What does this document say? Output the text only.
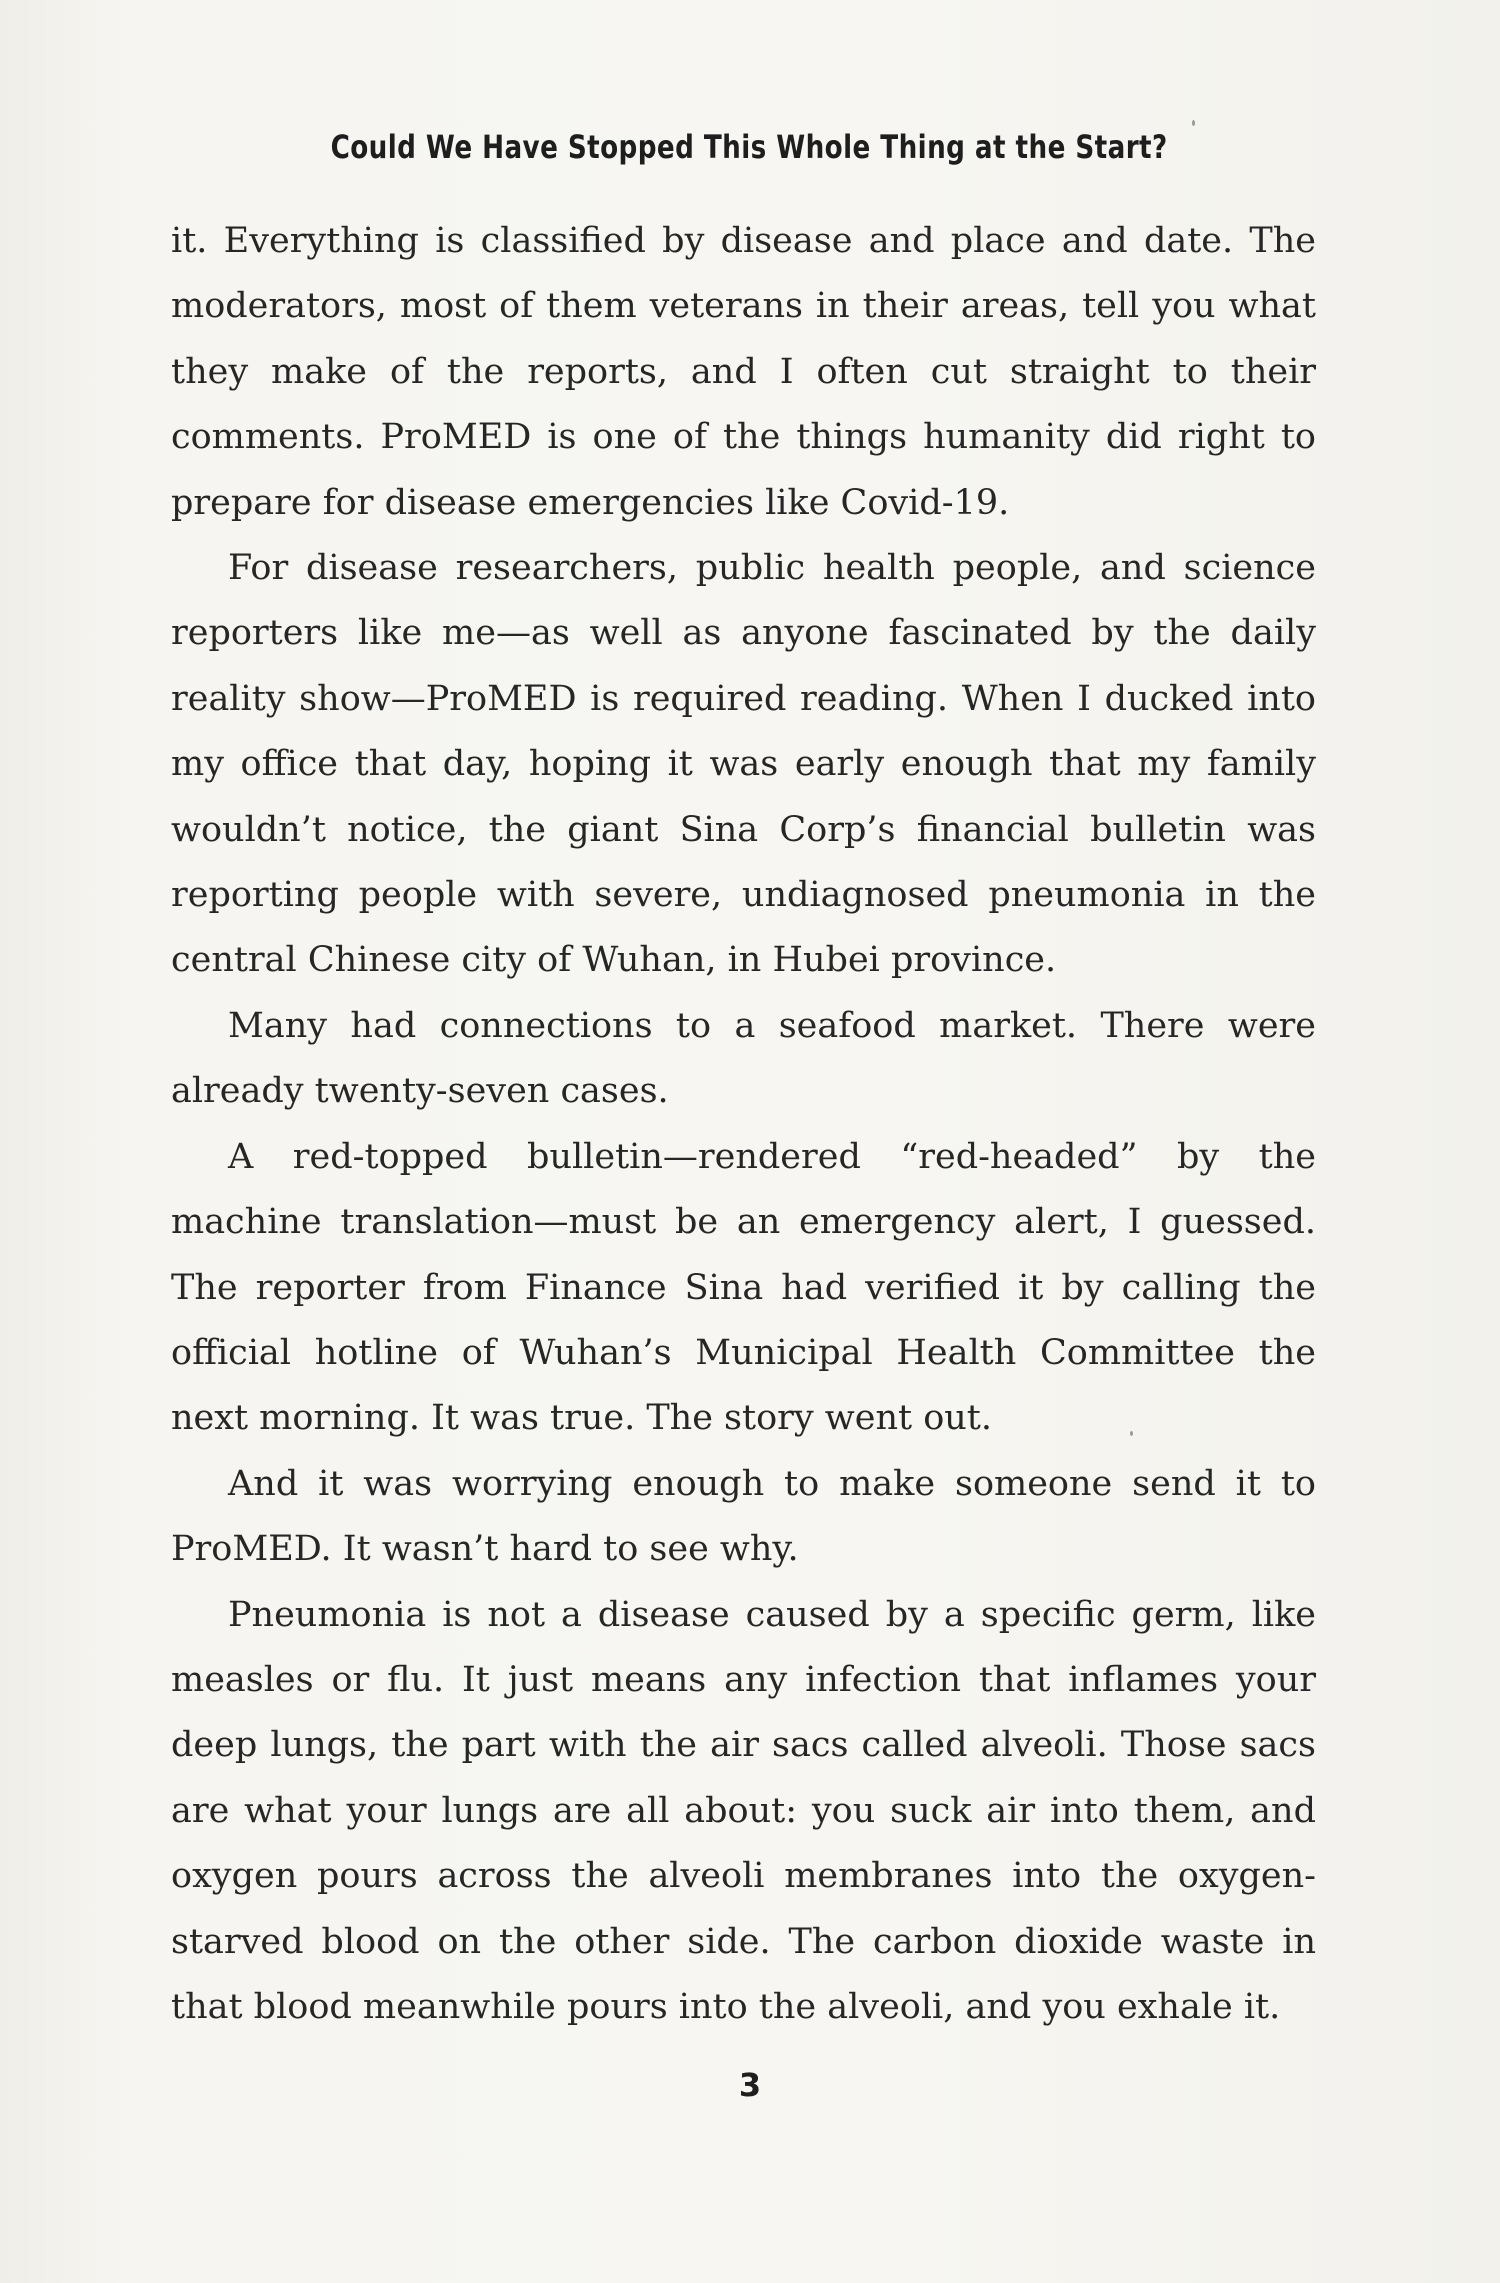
Could We Have Stopped This Whole Thing at the Start?

it. Everything is classified by disease and place and date. The moderators, most of them veterans in their areas, tell you what they make of the reports, and I often cut straight to their comments. ProMED is one of the things humanity did right to prepare for disease emergencies like Covid-19.

For disease researchers, public health people, and science reporters like me—as well as anyone fascinated by the daily reality show—ProMED is required reading. When I ducked into my office that day, hoping it was early enough that my family wouldn’t notice, the giant Sina Corp’s financial bulletin was reporting people with severe, undiagnosed pneumonia in the central Chinese city of Wuhan, in Hubei province.

Many had connections to a seafood market. There were already twenty-seven cases.

A red-topped bulletin—rendered “red-headed” by the machine translation—must be an emergency alert, I guessed. The reporter from Finance Sina had verified it by calling the official hotline of Wuhan’s Municipal Health Committee the next morning. It was true. The story went out.

And it was worrying enough to make someone send it to ProMED. It wasn’t hard to see why.

Pneumonia is not a disease caused by a specific germ, like measles or flu. It just means any infection that inflames your deep lungs, the part with the air sacs called alveoli. Those sacs are what your lungs are all about: you suck air into them, and oxygen pours across the alveoli membranes into the oxygen-starved blood on the other side. The carbon dioxide waste in that blood meanwhile pours into the alveoli, and you exhale it.

3
